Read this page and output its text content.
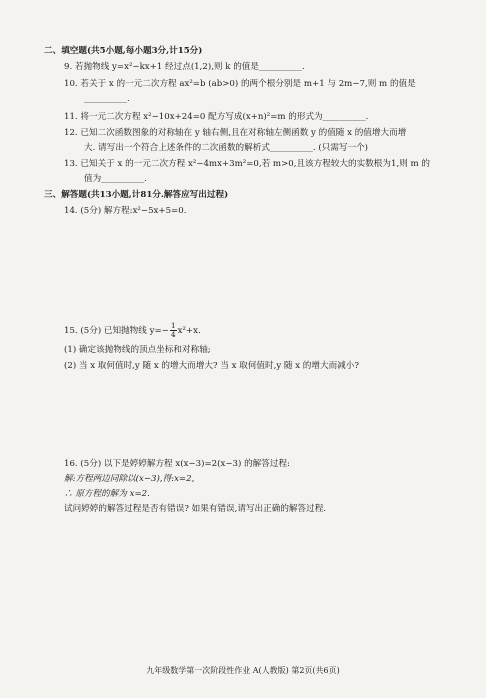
二、填空题(共5小题,每小题3分,计15分)
9. 若抛物线 y=x²−kx+1 经过点(1,2),则 k 的值是__________.
10. 若关于 x 的一元二次方程 ax²=b (ab>0) 的两个根分别是 m+1 与 2m−7,则 m 的值是
__________.
11. 将一元二次方程 x²−10x+24=0 配方写成(x+n)²=m 的形式为__________.
12. 已知二次函数图象的对称轴在 y 轴右侧,且在对称轴左侧函数 y 的值随 x 的值增大而增
大. 请写出一个符合上述条件的二次函数的解析式__________. (只需写一个)
13. 已知关于 x 的一元二次方程 x²−4mx+3m²=0,若 m>0,且该方程较大的实数根为1,则 m 的
值为__________.
三、解答题(共13小题,计81分.解答应写出过程)
14. (5分) 解方程:x²−5x+5=0.
15. (5分) 已知抛物线 $y=- \frac{1}{4} x^2+x$.
(1) 确定该抛物线的顶点坐标和对称轴;
(2) 当 x 取何值时,y 随 x 的增大而增大? 当 x 取何值时,y 随 x 的增大而减小?
16. (5分) 以下是婷婷解方程 x(x−3)=2(x−3) 的解答过程:
解:方程两边同除以(x−3),得:x=2,
∴ 原方程的解为 x=2.
试问婷婷的解答过程是否有错误? 如果有错误,请写出正确的解答过程.
九年级数学第一次阶段性作业 A(人教版) 第2页(共6页)
